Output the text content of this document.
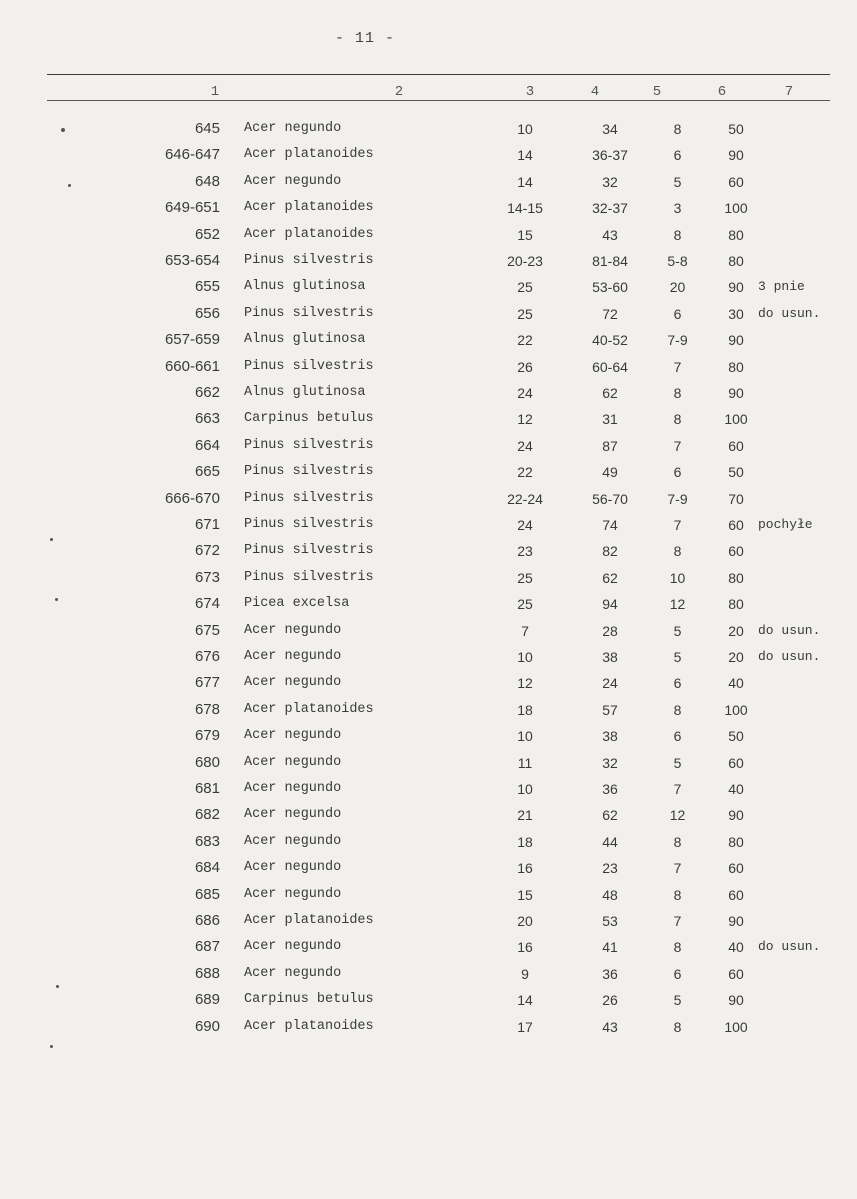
- 11 -
1	2	3	4	5	6	7
645 Acer negundo	10	34	8	50
646-647 Acer platanoides	14	36-37	6	90
648 Acer negundo	14	32	5	60
649-651 Acer platanoides	14-15	32-37	3	100
652 Acer platanoides	15	43	8	80
653-654 Pinus silvestris	20-23	81-84	5-8	80
655 Alnus glutinosa	25	53-60	20	90	3 pnie
656 Pinus silvestris	25	72	6	30	do usun.
657-659 Alnus glutinosa	22	40-52	7-9	90
660-661 Pinus silvestris	26	60-64	7	80
662 Alnus glutinosa	24	62	8	90
663 Carpinus betulus	12	31	8	100
664 Pinus silvestris	24	87	7	60
665 Pinus silvestris	22	49	6	50
666-670 Pinus silvestris	22-24	56-70	7-9	70
671 Pinus silvestris	24	74	7	60	pochyłe
672 Pinus silvestris	23	82	8	60
673 Pinus silvestris	25	62	10	80
674 Picea excelsa	25	94	12	80
675 Acer negundo	7	28	5	20	do usun.
676 Acer negundo	10	38	5	20	do usun.
677 Acer negundo	12	24	6	40
678 Acer platanoides	18	57	8	100
679 Acer negundo	10	38	6	50
680 Acer negundo	11	32	5	60
681 Acer negundo	10	36	7	40
682 Acer negundo	21	62	12	90
683 Acer negundo	18	44	8	80
684 Acer negundo	16	23	7	60
685 Acer negundo	15	48	8	60
686 Acer platanoides	20	53	7	90
687 Acer negundo	16	41	8	40	do usun.
688 Acer negundo	9	36	6	60
689 Carpinus betulus	14	26	5	90
690 Acer platanoides	17	43	8	100
